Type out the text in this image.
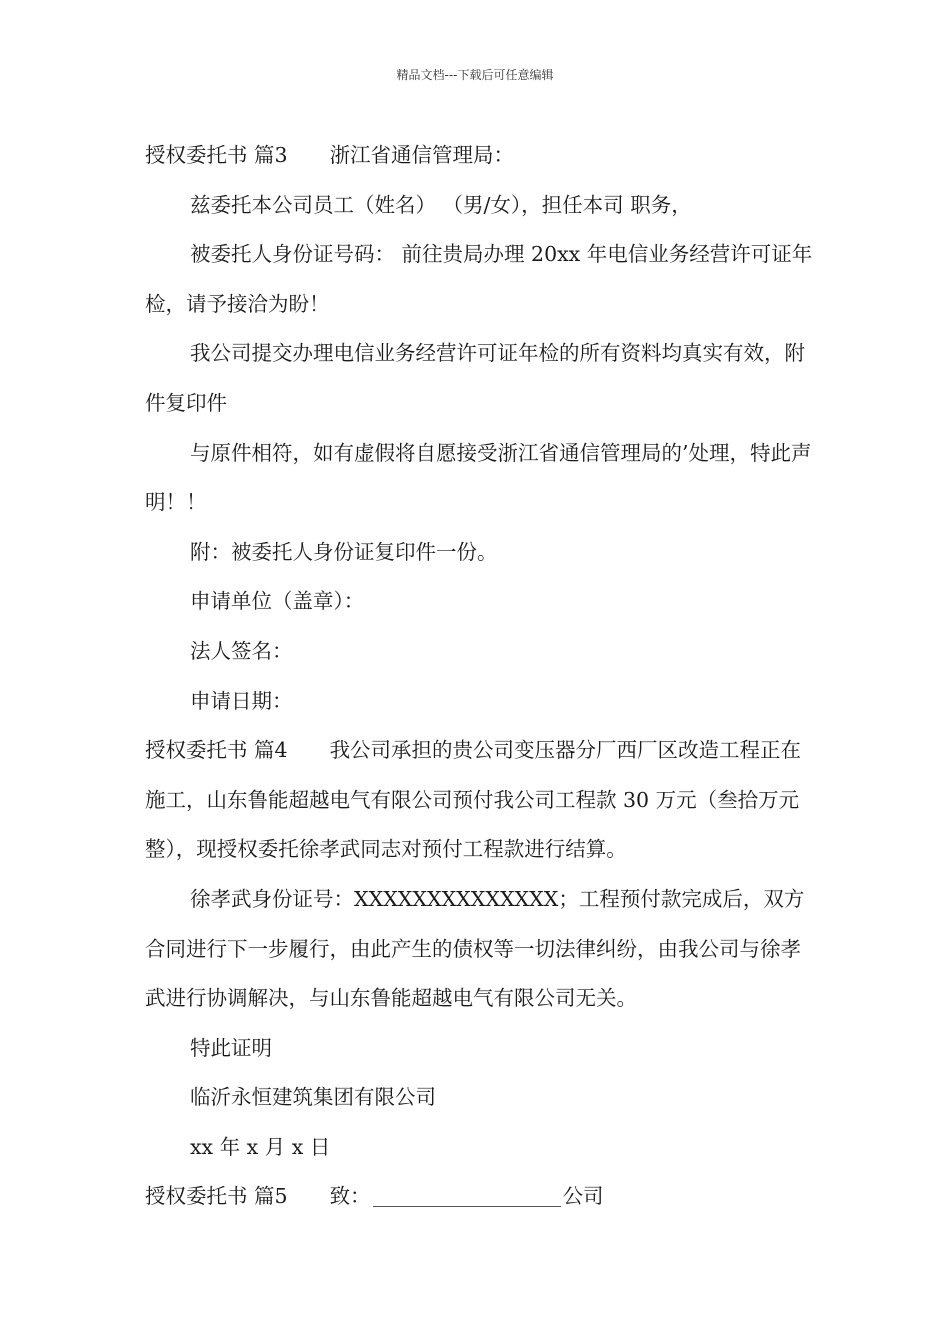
精品文档---下载后可任意编辑

授权委托书 篇3 浙江省通信管理局：

兹委托本公司员工（姓名） （男/女），担任本司 职务，

被委托人身份证号码： 前往贵局办理 20xx 年电信业务经营许可证年检，请予接洽为盼！

我公司提交办理电信业务经营许可证年检的所有资料均真实有效，附件复印件

与原件相符，如有虚假将自愿接受浙江省通信管理局的’处理，特此声明！！

附：被委托人身份证复印件一份。

申请单位（盖章）：

法人签名：

申请日期：

授权委托书 篇4 我公司承担的贵公司变压器分厂西厂区改造工程正在施工，山东鲁能超越电气有限公司预付我公司工程款 30 万元（叁拾万元整），现授权委托徐孝武同志对预付工程款进行结算。

徐孝武身份证号：XXXXXXXXXXXXXX；工程预付款完成后，双方合同进行下一步履行，由此产生的债权等一切法律纠纷，由我公司与徐孝武进行协调解决，与山东鲁能超越电气有限公司无关。

特此证明

临沂永恒建筑集团有限公司

xx 年 x 月 x 日

授权委托书 篇5 致：	公司
